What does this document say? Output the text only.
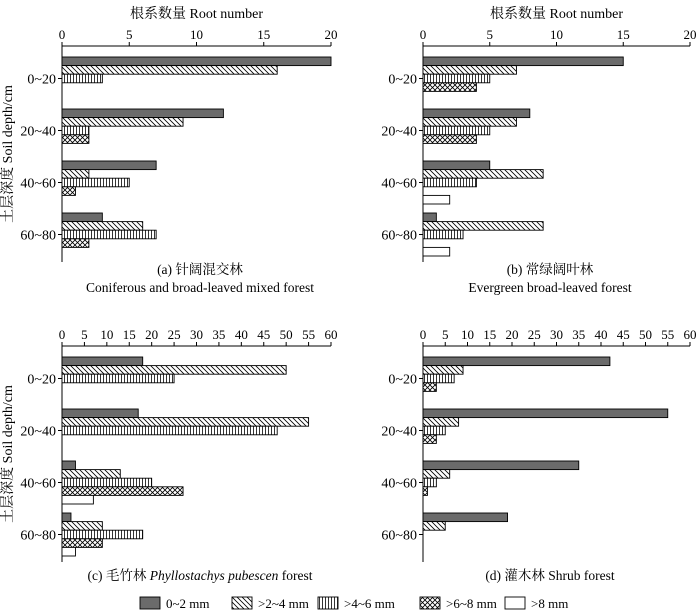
0	5	10	15	20
根系数量 Root number
土层深度 Soil depth/cm
0~20
20~40
40~60
60~80
(a) 针阔混交林
Coniferous and broad-leaved mixed forest
0	5	10	15	20
根系数量 Root number
0~20
20~40
40~60
60~80
(b) 常绿阔叶林
Evergreen broad-leaved forest
0 5 10 15 20 25 30 35 40 45 50 55 60
土层深度 Soil depth/cm
0~20
20~40
40~60
60~80
(c) 毛竹林 Phyllostachys pubescen forest
0 5 10 15 20 25 30 35 40 45 50 55 60
0~20
20~40
40~60
60~80
(d) 灌木林 Shrub forest
0~2 mm	>2~4 mm	>4~6 mm	>6~8 mm	>8 mm
